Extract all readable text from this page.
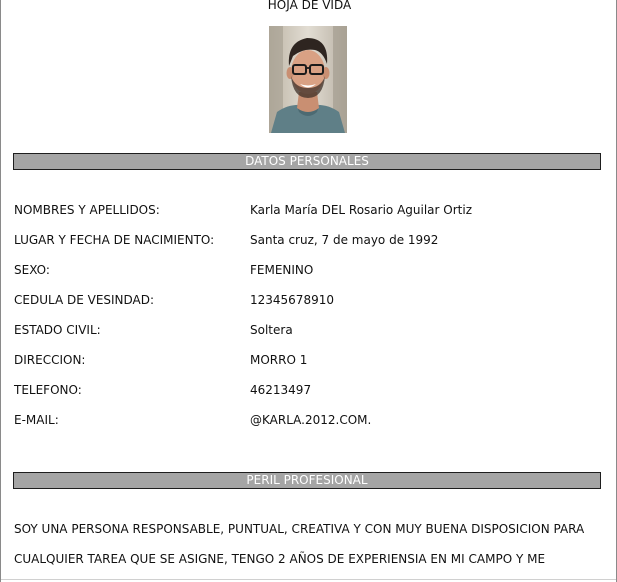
HOJA DE VIDA
DATOS PERSONALES
NOMBRES Y APELLIDOS:	Karla María DEL Rosario Aguilar Ortiz
LUGAR Y FECHA DE NACIMIENTO:	Santa cruz, 7 de mayo de 1992
SEXO:	FEMENINO
CEDULA DE VESINDAD:	12345678910
ESTADO CIVIL:	Soltera
DIRECCION:	MORRO 1
TELEFONO:	46213497
E-MAIL:	@KARLA.2012.COM.
PERIL PROFESIONAL
SOY UNA PERSONA RESPONSABLE, PUNTUAL, CREATIVA Y CON MUY BUENA DISPOSICION PARA
CUALQUIER TAREA QUE SE ASIGNE, TENGO 2 AÑOS DE EXPERIENSIA EN MI CAMPO Y ME
